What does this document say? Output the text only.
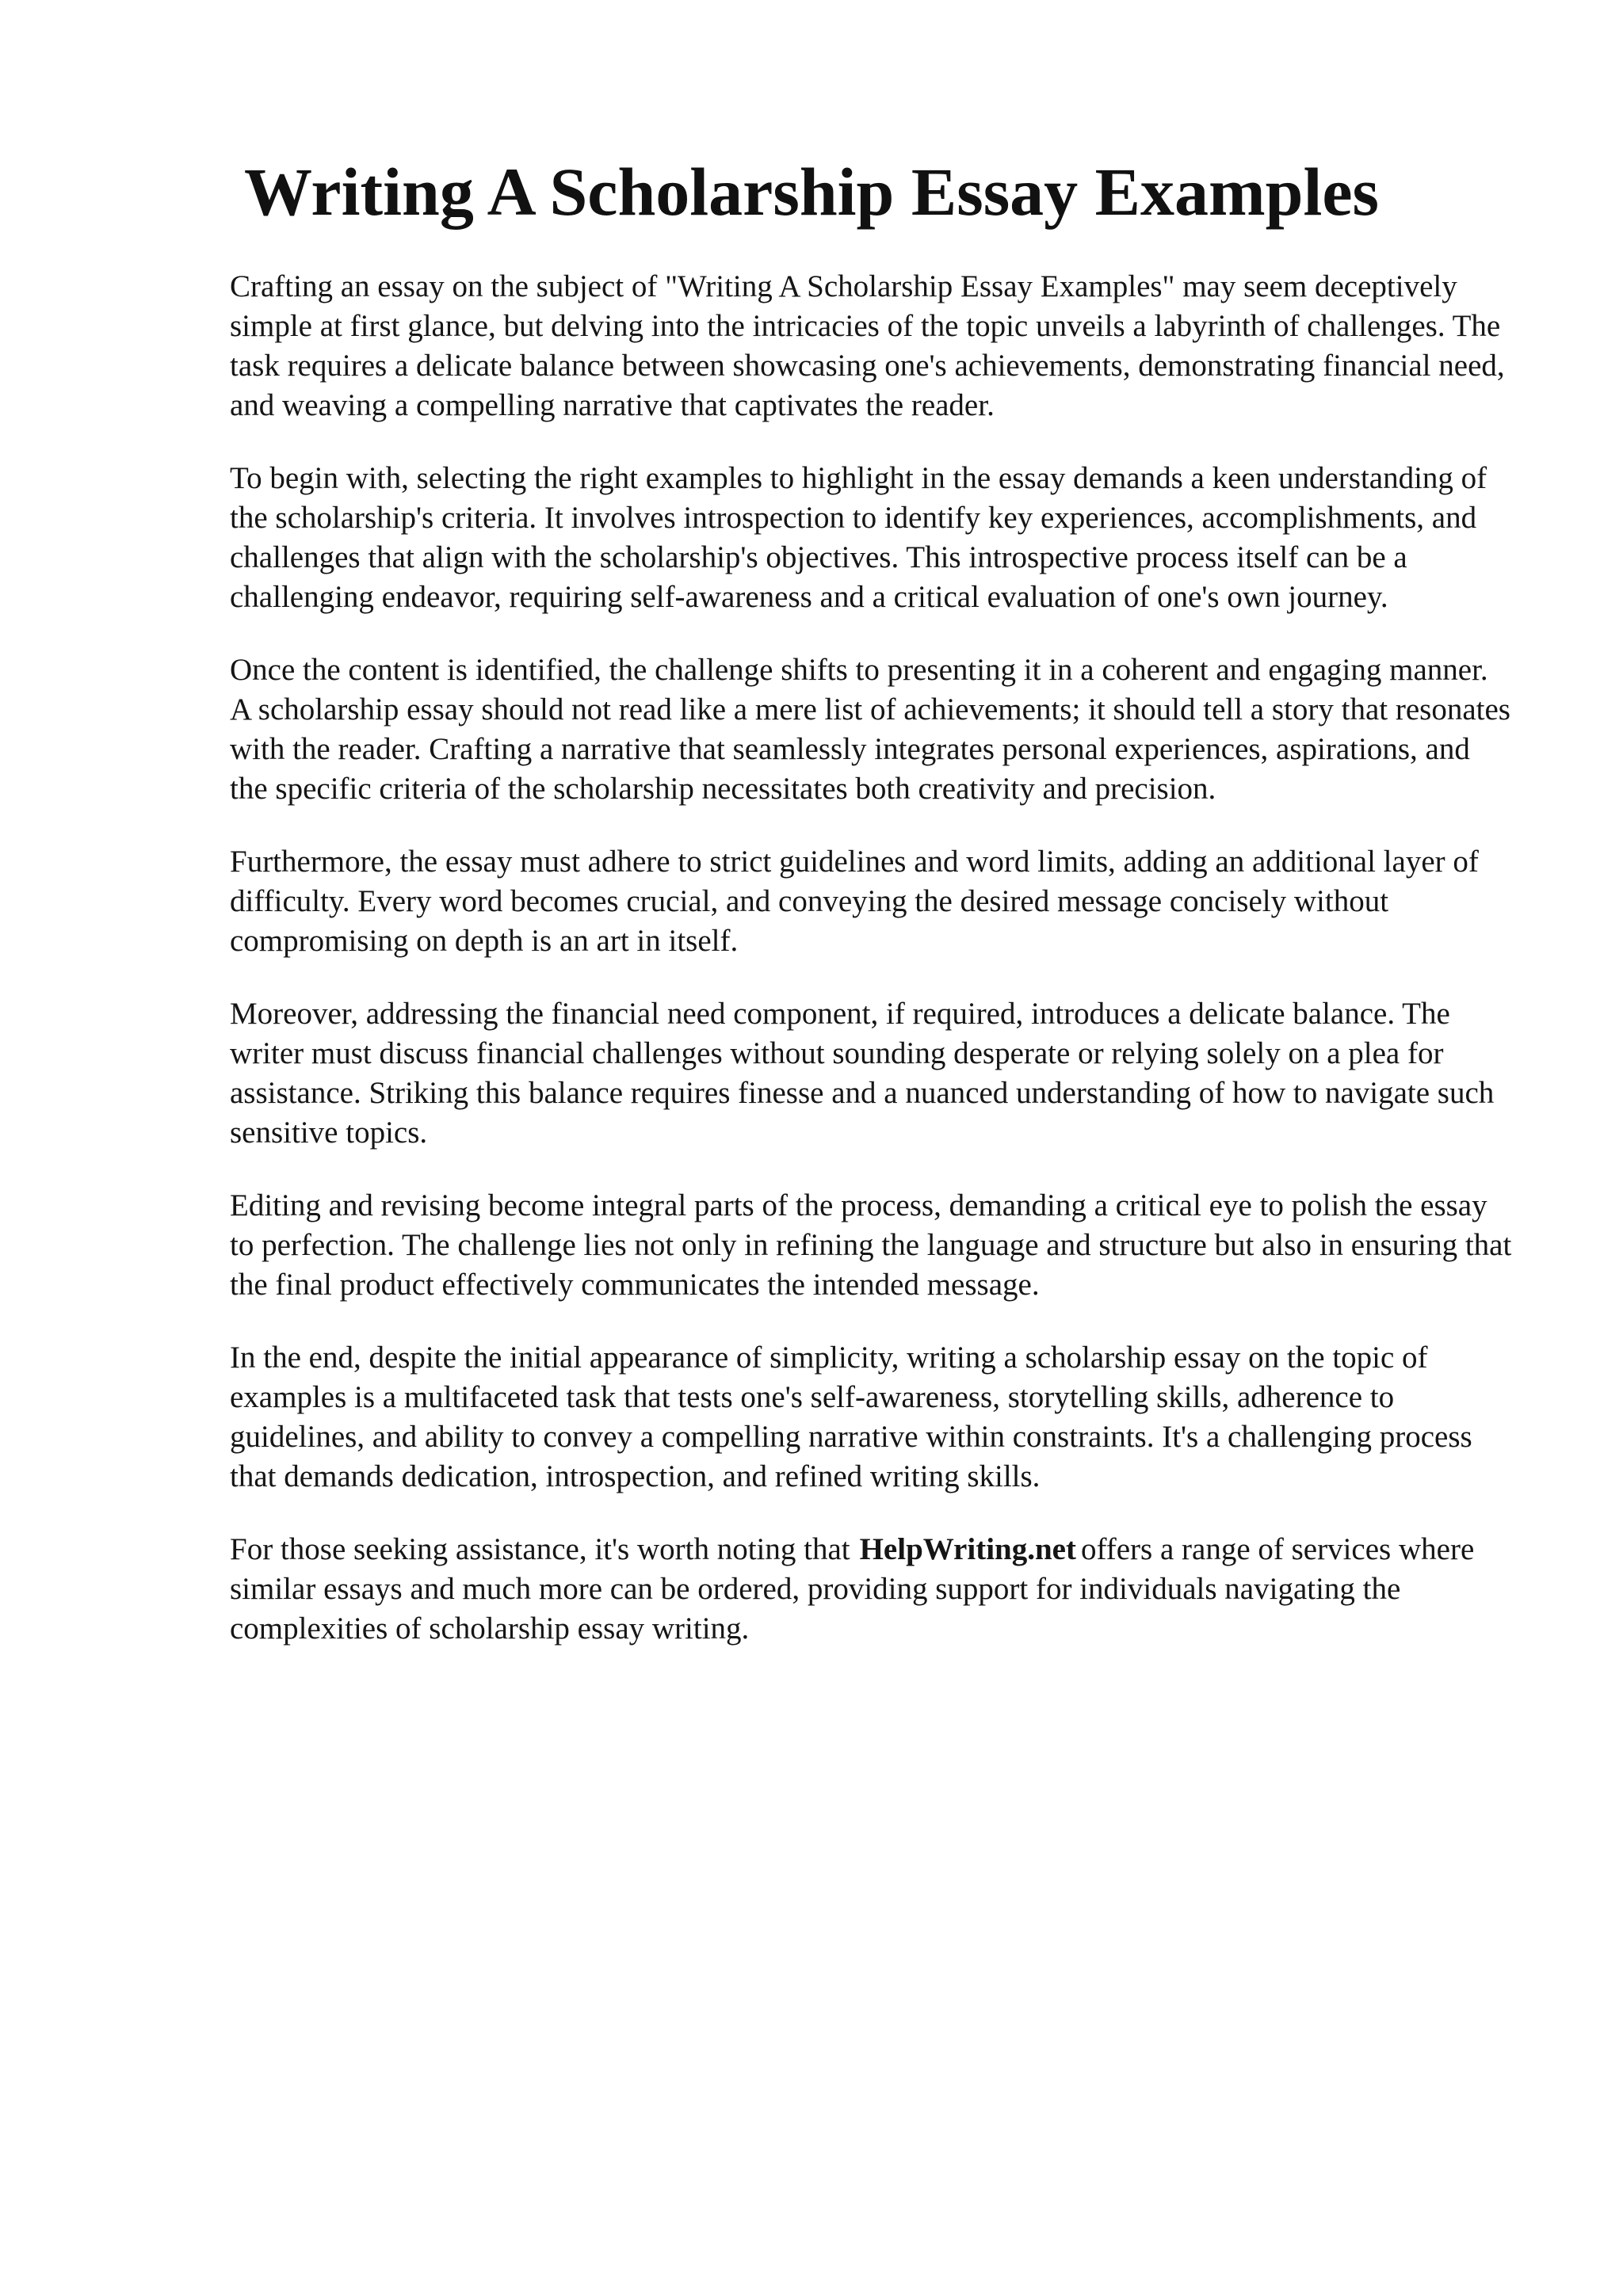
Writing A Scholarship Essay Examples

Crafting an essay on the subject of "Writing A Scholarship Essay Examples" may seem deceptively simple at first glance, but delving into the intricacies of the topic unveils a labyrinth of challenges. The task requires a delicate balance between showcasing one's achievements, demonstrating financial need, and weaving a compelling narrative that captivates the reader.

To begin with, selecting the right examples to highlight in the essay demands a keen understanding of the scholarship's criteria. It involves introspection to identify key experiences, accomplishments, and challenges that align with the scholarship's objectives. This introspective process itself can be a challenging endeavor, requiring self-awareness and a critical evaluation of one's own journey.

Once the content is identified, the challenge shifts to presenting it in a coherent and engaging manner. A scholarship essay should not read like a mere list of achievements; it should tell a story that resonates with the reader. Crafting a narrative that seamlessly integrates personal experiences, aspirations, and the specific criteria of the scholarship necessitates both creativity and precision.

Furthermore, the essay must adhere to strict guidelines and word limits, adding an additional layer of difficulty. Every word becomes crucial, and conveying the desired message concisely without compromising on depth is an art in itself.

Moreover, addressing the financial need component, if required, introduces a delicate balance. The writer must discuss financial challenges without sounding desperate or relying solely on a plea for assistance. Striking this balance requires finesse and a nuanced understanding of how to navigate such sensitive topics.

Editing and revising become integral parts of the process, demanding a critical eye to polish the essay to perfection. The challenge lies not only in refining the language and structure but also in ensuring that the final product effectively communicates the intended message.

In the end, despite the initial appearance of simplicity, writing a scholarship essay on the topic of examples is a multifaceted task that tests one's self-awareness, storytelling skills, adherence to guidelines, and ability to convey a compelling narrative within constraints. It's a challenging process that demands dedication, introspection, and refined writing skills.

For those seeking assistance, it's worth noting that HelpWriting.net offers a range of services where similar essays and much more can be ordered, providing support for individuals navigating the complexities of scholarship essay writing.
